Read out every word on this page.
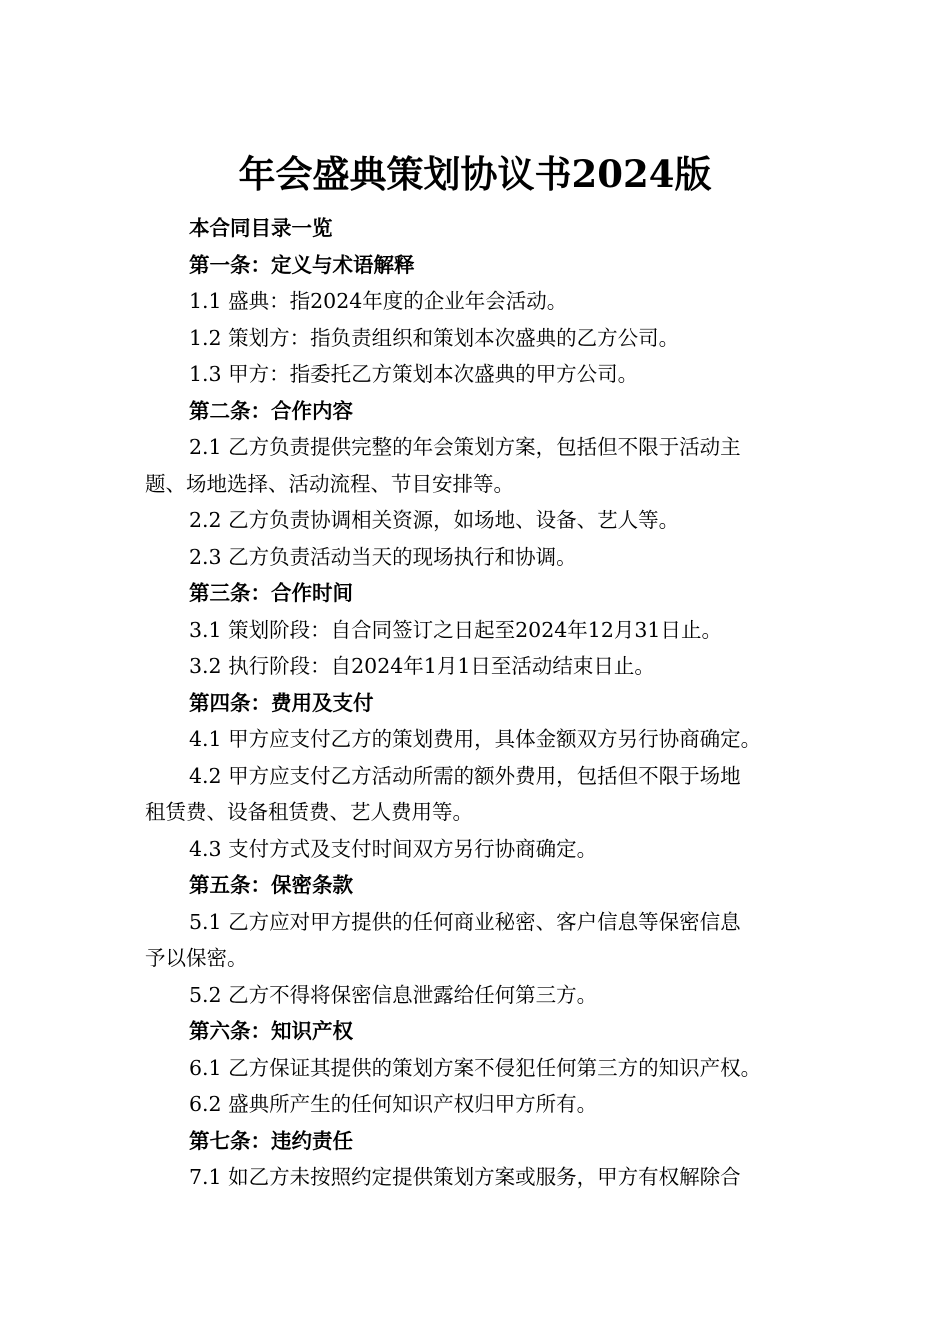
年会盛典策划协议书2024版
本合同目录一览
第一条：定义与术语解释
1.1 盛典：指2024年度的企业年会活动。
1.2 策划方：指负责组织和策划本次盛典的乙方公司。
1.3 甲方：指委托乙方策划本次盛典的甲方公司。
第二条：合作内容
2.1 乙方负责提供完整的年会策划方案，包括但不限于活动主
题、场地选择、活动流程、节目安排等。
2.2 乙方负责协调相关资源，如场地、设备、艺人等。
2.3 乙方负责活动当天的现场执行和协调。
第三条：合作时间
3.1 策划阶段：自合同签订之日起至2024年12月31日止。
3.2 执行阶段：自2024年1月1日至活动结束日止。
第四条：费用及支付
4.1 甲方应支付乙方的策划费用，具体金额双方另行协商确定。
4.2 甲方应支付乙方活动所需的额外费用，包括但不限于场地
租赁费、设备租赁费、艺人费用等。
4.3 支付方式及支付时间双方另行协商确定。
第五条：保密条款
5.1 乙方应对甲方提供的任何商业秘密、客户信息等保密信息
予以保密。
5.2 乙方不得将保密信息泄露给任何第三方。
第六条：知识产权
6.1 乙方保证其提供的策划方案不侵犯任何第三方的知识产权。
6.2 盛典所产生的任何知识产权归甲方所有。
第七条：违约责任
7.1 如乙方未按照约定提供策划方案或服务，甲方有权解除合
